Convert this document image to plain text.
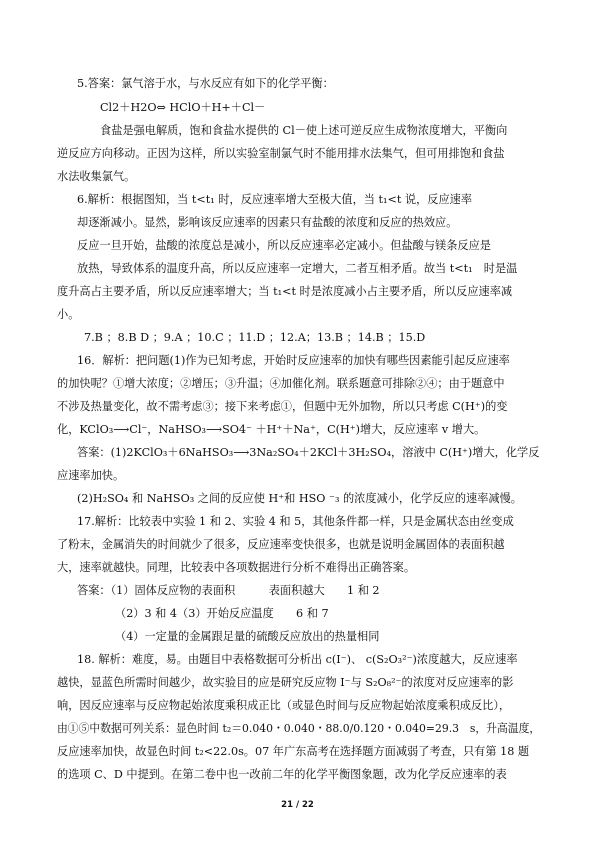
5.答案：氯气溶于水，与水反应有如下的化学平衡：
Cl2＋H2O⇔ HClO＋H+＋Cl－
食盐是强电解质，饱和食盐水提供的 Cl－使上述可逆反应生成物浓度增大，平衡向
逆反应方向移动。正因为这样，所以实验室制氯气时不能用排水法集气，但可用排饱和食盐
水法收集氯气。
6.解析：根据图知，当 t<t₁ 时，反应速率增大至极大值，当 t₁<t 说，反应速率
却逐渐减小。显然，影响该反应速率的因素只有盐酸的浓度和反应的热效应。
反应一旦开始，盐酸的浓度总是减小，所以反应速率必定减小。但盐酸与镁条反应是
放热，导致体系的温度升高，所以反应速率一定增大，二者互相矛盾。故当 t<t₁　时是温
度升高占主要矛盾，所以反应速率增大；当 t₁<t 时是浓度减小占主要矛盾，所以反应速率减
小。
7.B ；8.B D ；9.A ；10.C ；11.D ；12.A；13.B ；14.B ；15.D
16．解析：把问题(1)作为已知考虑，开始时反应速率的加快有哪些因素能引起反应速率
的加快呢？①增大浓度；②增压；③升温；④加催化剂。联系题意可排除②④；由于题意中
不涉及热量变化，故不需考虑③；接下来考虑①，但题中无外加物，所以只考虑 C(H⁺)的变
化，KClO₃⟶Cl⁻，NaHSO₃⟶SO4⁻ ＋H⁺＋Na⁺，C(H⁺)增大，反应速率 v 增大。
答案：(1)2KClO₃＋6NaHSO₃⟶3Na₂SO₄＋2KCl＋3H₂SO₄，溶液中 C(H⁺)增大，化学反
应速率加快。
(2)H₂SO₄ 和 NaHSO₃ 之间的反应使 H⁺和 HSO ⁻₃ 的浓度减小，化学反应的速率减慢。
17.解析：比较表中实验 1 和 2、实验 4 和 5，其他条件都一样，只是金属状态由丝变成
了粉末，金属消失的时间就少了很多，反应速率变快很多，也就是说明金属固体的表面积越
大，速率就越快。同理，比较表中各项数据进行分析不难得出正确答案。
答案：（1）固体反应物的表面积　　　表面积越大　　1 和 2
（2）3 和 4（3）开始反应温度　　6 和 7
（4）一定量的金属跟足量的硫酸反应放出的热量相同
18. 解析：难度，易。由题目中表格数据可分析出 c(I⁻)、 c(S₂O₃²⁻)浓度越大，反应速率
越快，显蓝色所需时间越少，故实验目的应是研究反应物 I⁻与 S₂O₈²⁻的浓度对反应速率的影
响，因反应速率与反应物起始浓度乘积成正比（或显色时间与反应物起始浓度乘积成反比），
由①⑤中数据可列关系：显色时间 t₂＝0.040・0.040・88.0/0.120・0.040=29.3　s，升高温度，
反应速率加快，故显色时间 t₂<22.0s。07 年广东高考在选择题方面减弱了考查，只有第 18 题
的选项 C、D 中提到。在第二卷中也一改前二年的化学平衡图象题，改为化学反应速率的表
21 / 22
